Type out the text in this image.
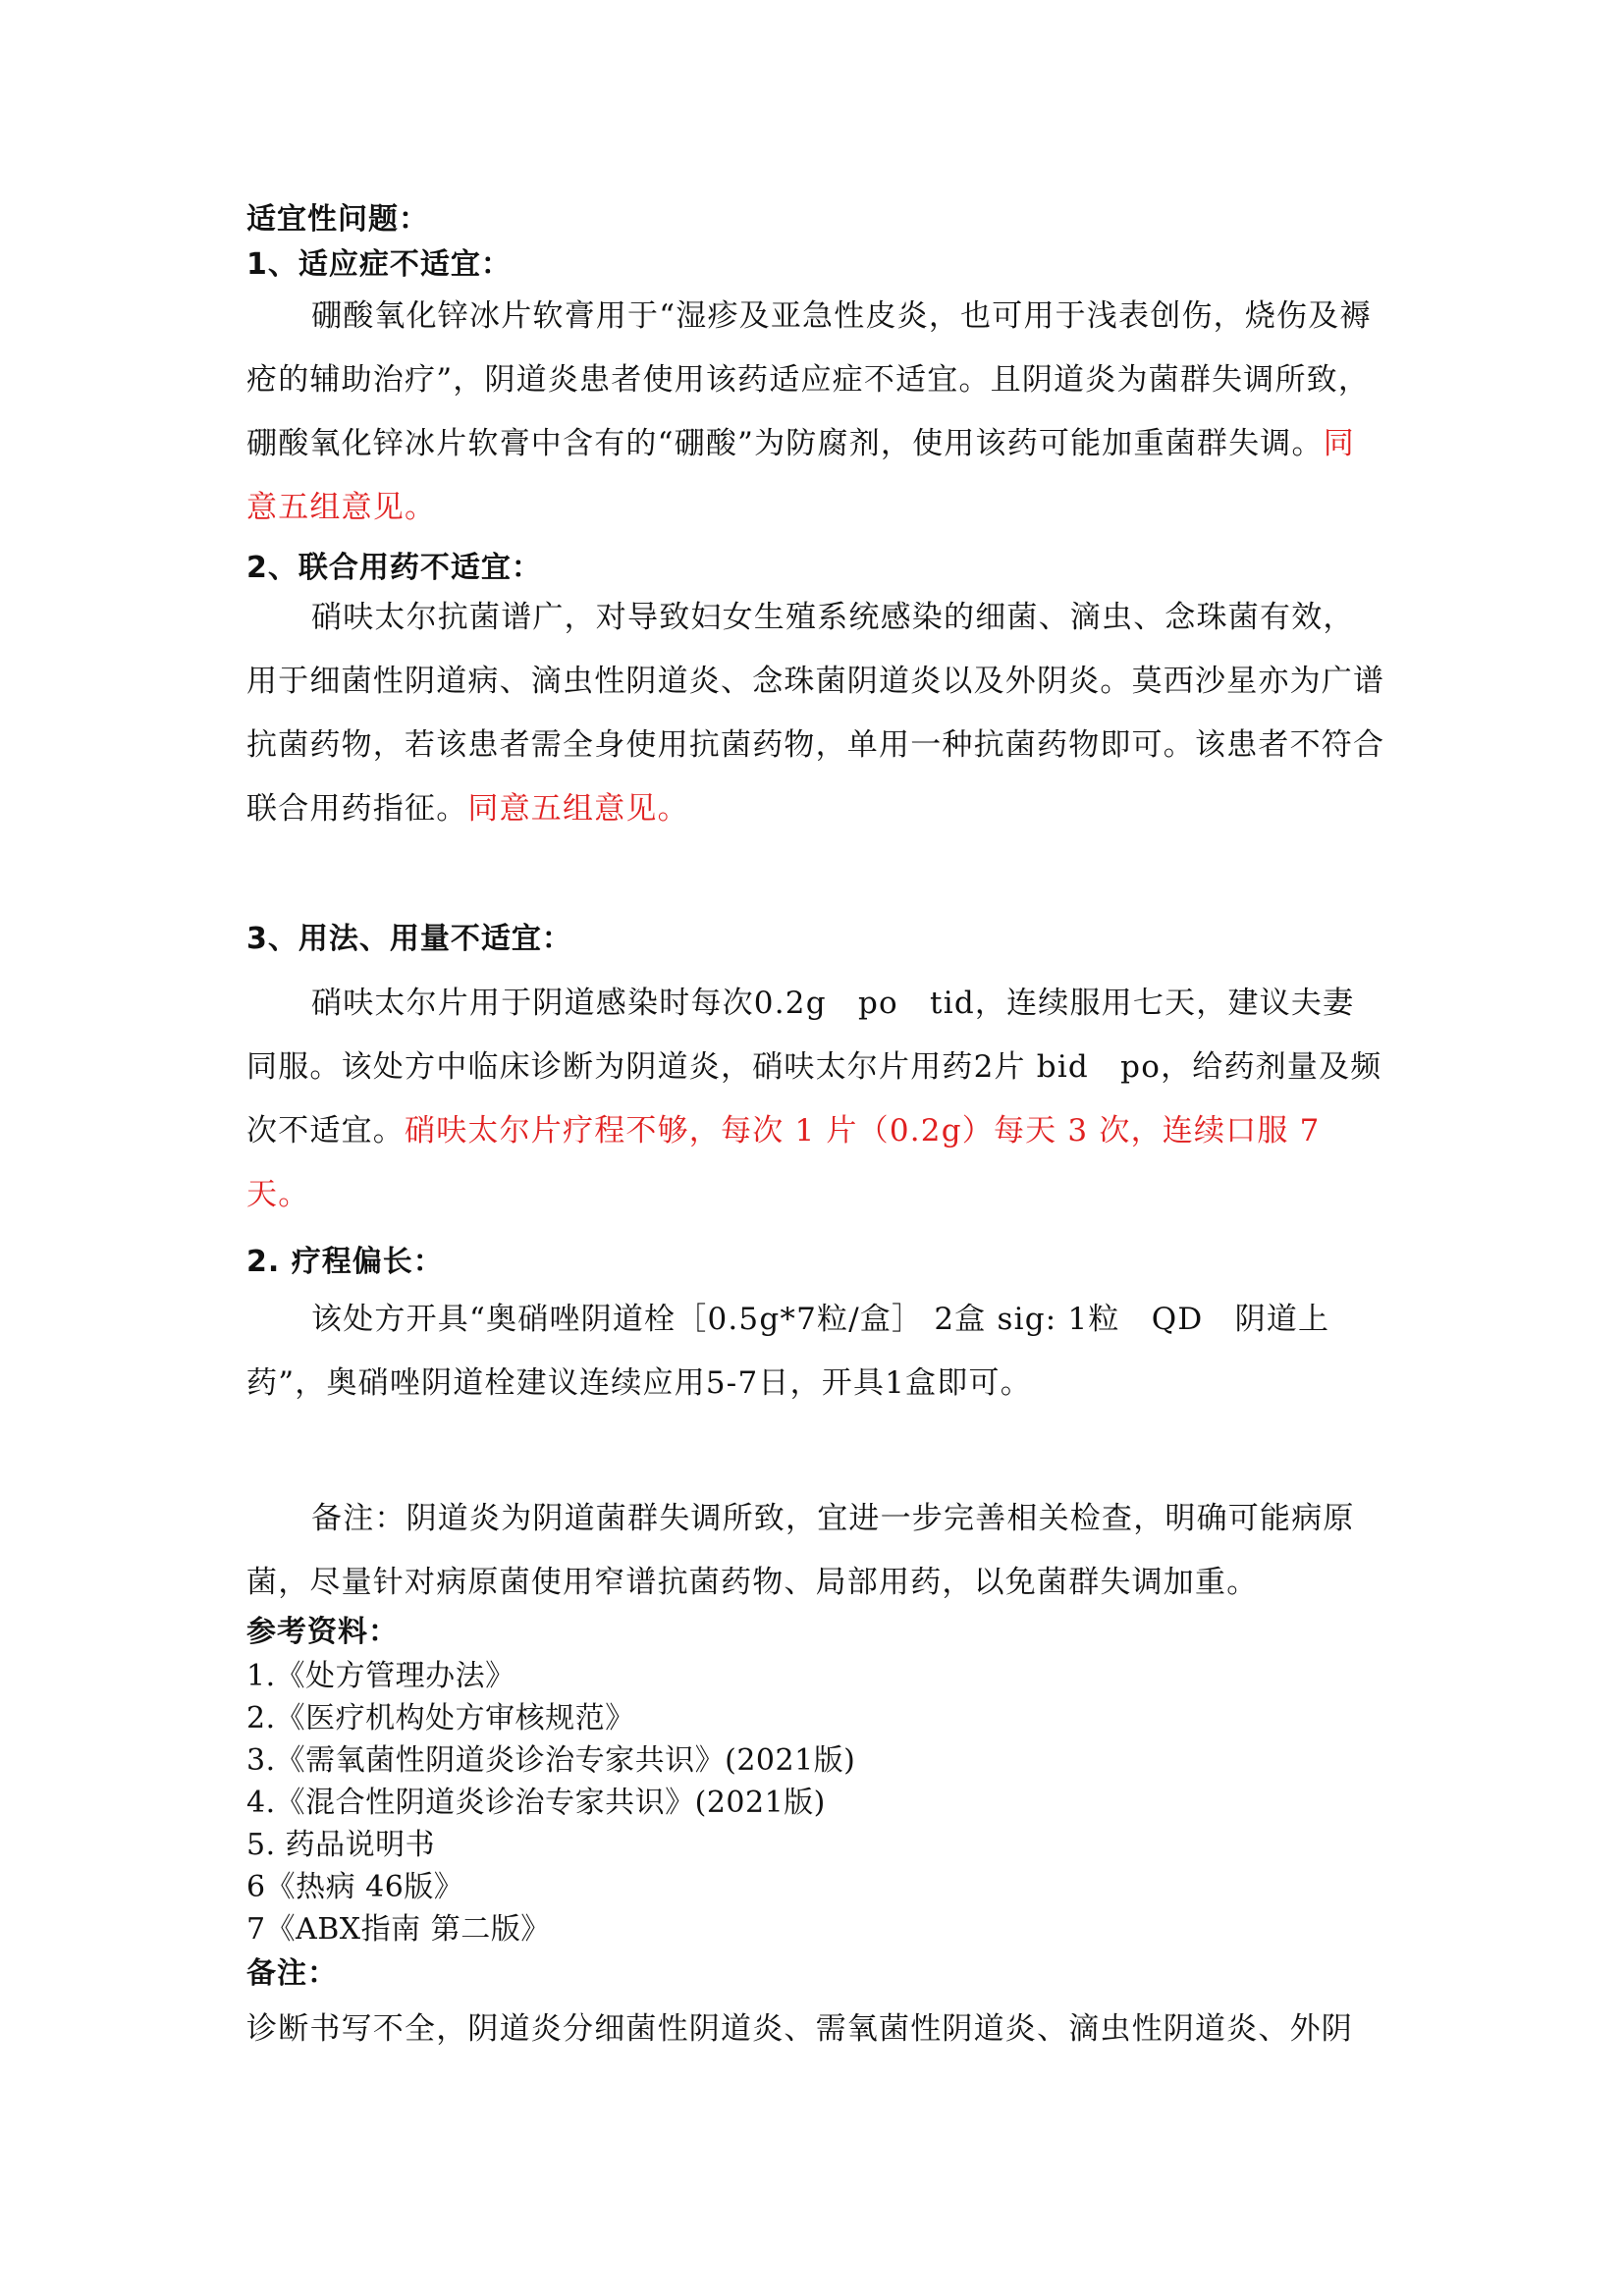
适宜性问题：
1、适应症不适宜：
硼酸氧化锌冰片软膏用于“湿疹及亚急性皮炎，也可用于浅表创伤，烧伤及褥疮的辅助治疗”，阴道炎患者使用该药适应症不适宜。且阴道炎为菌群失调所致，硼酸氧化锌冰片软膏中含有的“硼酸”为防腐剂，使用该药可能加重菌群失调。同意五组意见。
2、联合用药不适宜：
硝呋太尔抗菌谱广，对导致妇女生殖系统感染的细菌、滴虫、念珠菌有效，用于细菌性阴道病、滴虫性阴道炎、念珠菌阴道炎以及外阴炎。莫西沙星亦为广谱抗菌药物，若该患者需全身使用抗菌药物，单用一种抗菌药物即可。该患者不符合联合用药指征。同意五组意见。
3、用法、用量不适宜：
硝呋太尔片用于阴道感染时每次0.2g　po　tid，连续服用七天，建议夫妻同服。该处方中临床诊断为阴道炎，硝呋太尔片用药2片 bid　po，给药剂量及频次不适宜。硝呋太尔片疗程不够，每次 1 片（0.2g）每天 3 次，连续口服 7 天。
2. 疗程偏长：
该处方开具“奥硝唑阴道栓［0.5g*7粒/盒］ 2盒 sig: 1粒　QD　阴道上药”，奥硝唑阴道栓建议连续应用5-7日，开具1盒即可。
备注：阴道炎为阴道菌群失调所致，宜进一步完善相关检查，明确可能病原菌，尽量针对病原菌使用窄谱抗菌药物、局部用药，以免菌群失调加重。
参考资料：
1.《处方管理办法》
2.《医疗机构处方审核规范》
3.《需氧菌性阴道炎诊治专家共识》(2021版)
4.《混合性阴道炎诊治专家共识》(2021版)
5. 药品说明书
6《热病 46版》
7《ABX指南 第二版》
备注：
诊断书写不全，阴道炎分细菌性阴道炎、需氧菌性阴道炎、滴虫性阴道炎、外阴
